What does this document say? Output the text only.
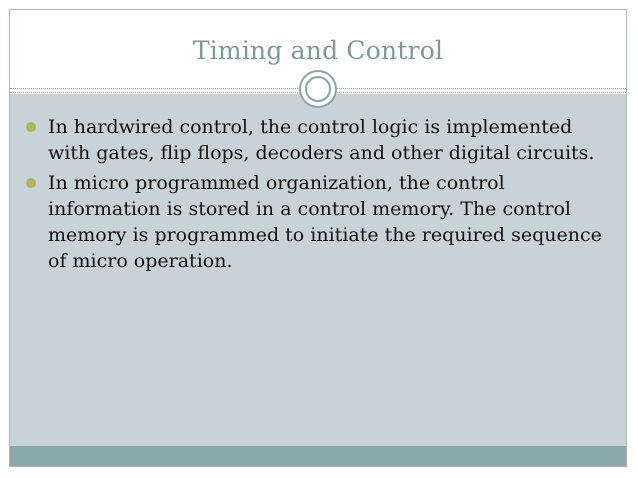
Timing and Control
In hardwired control, the control logic is implemented with gates, flip flops, decoders and other digital circuits.
In micro programmed organization, the control information is stored in a control memory. The control memory is programmed to initiate the required sequence of micro operation.
